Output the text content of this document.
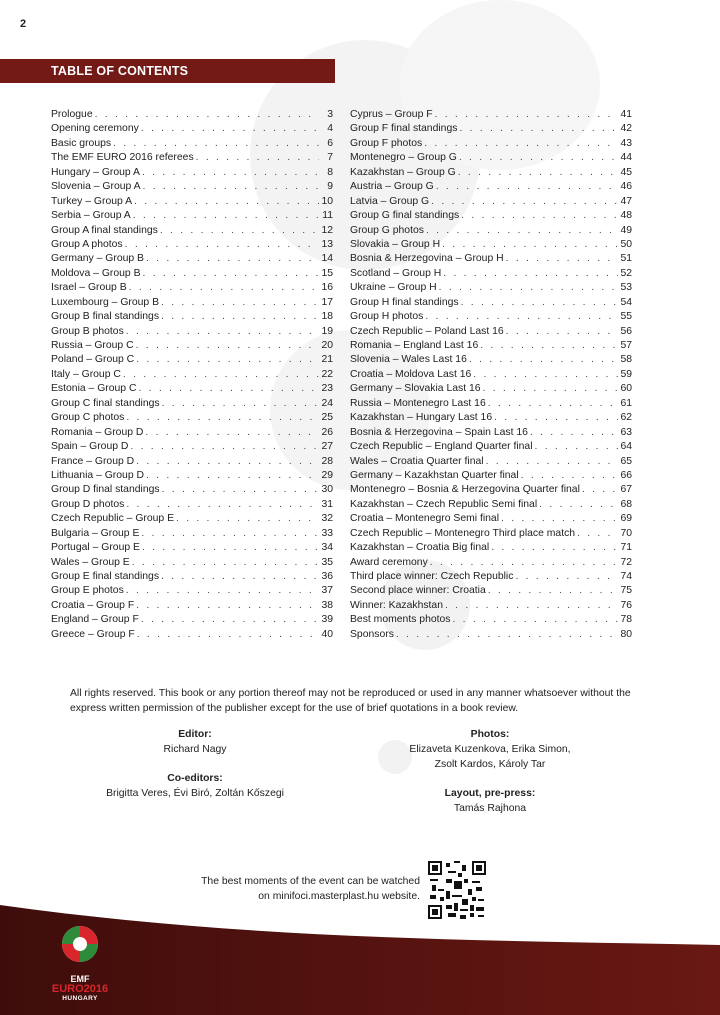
2
TABLE OF CONTENTS
Prologue . . .	3
Opening ceremony . . .	4
Basic groups . . .	6
The EMF EURO 2016 referees . . .	7
Hungary – Group A . . .	8
Slovenia – Group A . . .	9
Turkey – Group A . . .	10
Serbia – Group A . . .	11
Group A final standings . . .	12
Group A photos . . .	13
Germany – Group B . . .	14
Moldova – Group B . . .	15
Israel – Group B . . .	16
Luxembourg – Group B . . .	17
Group B final standings . . .	18
Group B photos . . .	19
Russia – Group C . . .	20
Poland – Group C . . .	21
Italy – Group C . . .	22
Estonia – Group C . . .	23
Group C final standings . . .	24
Group C photos . . .	25
Romania – Group D . . .	26
Spain – Group D . . .	27
France – Group D . . .	28
Lithuania – Group D . . .	29
Group D final standings . . .	30
Group D photos . . .	31
Czech Republic – Group E . . .	32
Bulgaria – Group E . . .	33
Portugal – Group E . . .	34
Wales – Group E . . .	35
Group E final standings . . .	36
Group E photos . . .	37
Croatia – Group F . . .	38
England – Group F . . .	39
Greece – Group F . . .	40
Cyprus – Group F . . .	41
Group F final standings . . .	42
Group F photos . . .	43
Montenegro – Group G . . .	44
Kazakhstan – Group G . . .	45
Austria – Group G . . .	46
Latvia – Group G . . .	47
Group G final standings . . .	48
Group G photos . . .	49
Slovakia – Group H . . .	50
Bosnia & Herzegovina – Group H . . .	51
Scotland – Group H . . .	52
Ukraine – Group H . . .	53
Group H final standings . . .	54
Group H photos . . .	55
Czech Republic – Poland Last 16 . . .	56
Romania – England Last 16 . . .	57
Slovenia – Wales Last 16 . . .	58
Croatia – Moldova Last 16 . . .	59
Germany – Slovakia Last 16 . . .	60
Russia – Montenegro Last 16 . . .	61
Kazakhstan – Hungary Last 16 . . .	62
Bosnia & Herzegovina – Spain Last 16 . . .	63
Czech Republic – England Quarter final . . .	64
Wales – Croatia Quarter final . . .	65
Germany – Kazakhstan Quarter final . . .	66
Montenegro – Bosnia & Herzegovina Quarter final . . .	67
Kazakhstan – Czech Republic Semi final . . .	68
Croatia – Montenegro Semi final . . .	69
Czech Republic – Montenegro Third place match . . .	70
Kazakhstan – Croatia Big final . . .	71
Award ceremony . . .	72
Third place winner: Czech Republic . . .	74
Second place winner: Croatia . . .	75
Winner: Kazakhstan . . .	76
Best moments photos . . .	78
Sponsors . . .	80
All rights reserved. This book or any portion thereof may not be reproduced or used in any manner whatsoever without the express written permission of the publisher except for the use of brief quotations in a book review.
Editor:
Richard Nagy
Co-editors:
Brigitta Veres, Évi Biró, Zoltán Kőszegi
Photos:
Elizaveta Kuzenkova, Erika Simon,
Zsolt Kardos, Károly Tar
Layout, pre-press:
Tamás Rajhona
The best moments of the event can be watched
on minifoci.masterplast.hu website.
EMF
EURO2016
HUNGARY
